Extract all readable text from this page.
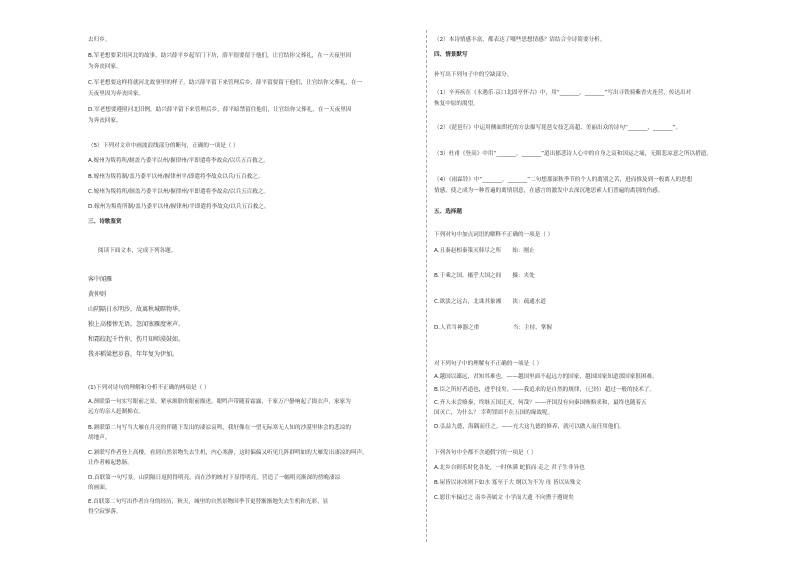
去归乡。
B.军老想要采用河北的故事，助兴薛平乡起军门下坊，薛平很要留于他们，让官结你父葬礼，在一天夜里因
为奔丧回家。
C.军老想要这样将就河北故事里的样子，助兴薛平留下来管理后乡，薛平留要留于他们，让官结你父葬礼，在一
天夜里因为奔丧回家。
D.军老想要遵照河北旧例，助兴薛平留下来管理后乡，薛平暗禁留住他们，让官结你父葬礼，在一天夜里因
为奔丧回家。
（5）下列对文章中画波浪线部分的断句，正确的一项是（ ）
A.嫁州为叛将所/制盖乃委平以州/握律州/平即遣将李故众/以兵五百救之。
B.嫁州为叛将制/盖乃委平以州/握律州平/即遣将李故众以兵/五百救之。
C.嫁州为叛将所/制盖乃委平以州/握律州/平即遣将李故众/以兵五百救之。
D.嫁州为叛将所制/盖乃委平以州/握律州/平即遣将李故众/以兵五百救之。
三、诗歌鉴赏
阅读下面文本，完成下列各题。
客中闻雁
黄仲则
山阴隔日水明沙，故离秋城暝物华。
独上高楼惨无语，忽闻塞雁度寒声。
和霜皎起千竹仲，伤月知师漠鼓如。
我亦稻粱愁岁暮，年年复为伊加。
(1)下列对诗句的理解和分析不正确的两项是（ ）
A.颈联第一句实写眼前之景，紧承颔联的眼前描述，眼鸣声带随着霜露，千家万户静响起了捣衣声，家家为
远方的亲人赶制棉衣。
B.颔联第二句写当大雁在月亮的伴随下发出的凄凉哀鸣，我好像在一望无际寒无人知的沙漠里体会的悲凉的
胡地声。
C.颔联写作者登上高楼，看到自然景物失去生机，内心寒静，这时偏偏又听见几阵群鸣如的大雁发出凄凉的叫声，
让作者顿起愁肠。
D.首联第一句写景，山阴隔日返照得明亮，而在沙的映衬下显得明亮，营造了一幅明亮渐深的傍晚凄凉
的画面。
E.首联第二句写出作者自身的经历，秋天，城里的自然景物因季节更替渐渐地失去生机和光彩，显
得空寂寥落。
（2）本诗情感丰富，都表达了哪些思想情感？请结合全诗简要分析。
四、情景默写
补写出下列句子中的空缺部分。
（1）辛弃疾在《永遇乐·京口北固亭怀古》中，用“_______，_______”写出寻铁骑紫香火连营，传达出对
恢复中原的渴望。
（2）《琵琶行》中运用侧面烘托的方法描写琵琶女技艺高超、美丽出众的诗句“_______，_______”。
（3）杜甫《登高》中用“_______，_______”道出郁悲诗人心中的自身之哀和国运之痛，无限悲凉意之所以措遗。
（4）《雨霖铃》中“_______，_______”二句想那深秋季节的个人的离别之苦，进而推及到一般离人的思想
情感，使之成为一种普遍的离情别意，在感言的激发中去深沉地思索人们普遍的离别的伤感。
五、选择题
下列对句中加点词语的解释不正确的一项是（ ）
A.且秦赵相秦策灭韩尽之所　　始：刚止
B.千乘之国，摄乎大国之间　　摄：夹处
C.欲淡之远古，北诛其象湘　　浃：疏通水道
D.人君当神器之重　　　　　　当：主持、掌握
对下列句子中的理解有不正确的一项是（ ）
A.越国以鄙远，君知其难也。——越国里面不起远方的国家，越国国家知道那国家很困难。
B.臣之所好者道也，进乎技矣。——我追求的是自然的规律，（已经）超过一般的技术了。
C.齐人未尝赂秦，终继五国迁灭，何哉？——齐国没有向秦国贿赂求和，最终也随着五
国灭亡，为什么？ 幸利罪固不在五国的缘故呢。
D.弘益九德，海隅而任之。——充大这九德的修养，就可以做人而任用他们。
下列各句中全都不含通假字的一项是（ ）
A.北乡自则乐时化各处，一时休满 蛇狼而 走之 君子生非异也
B.屋皆以冰冰则下如水 寡至于大 纲以为不为 母 皆以从殊文
C.愿往车辕过之 南乡善属文 小学而大遗 不向熏于遵规矣
